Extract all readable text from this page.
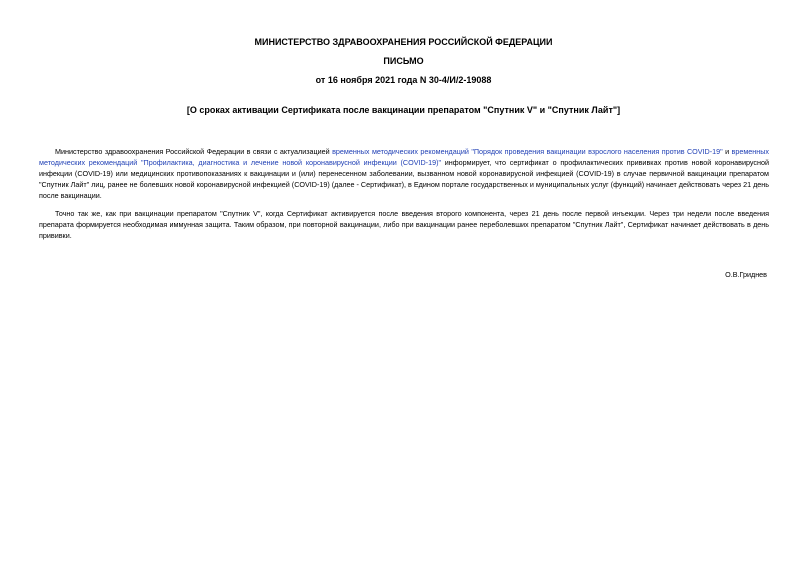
МИНИСТЕРСТВО ЗДРАВООХРАНЕНИЯ РОССИЙСКОЙ ФЕДЕРАЦИИ
ПИСЬМО
от 16 ноября 2021 года N 30-4/И/2-19088
[О сроках активации Сертификата после вакцинации препаратом "Спутник V" и "Спутник Лайт"]

Министерство здравоохранения Российской Федерации в связи с актуализацией временных методических рекомендаций "Порядок проведения вакцинации взрослого населения против COVID-19" и временных методических рекомендаций "Профилактика, диагностика и лечение новой коронавирусной инфекции (COVID-19)" информирует, что сертификат о профилактических прививках против новой коронавирусной инфекции (COVID-19) или медицинских противопоказаниях к вакцинации и (или) перенесенном заболевании, вызванном новой коронавирусной инфекцией (COVID-19) в случае первичной вакцинации препаратом "Спутник Лайт" лиц, ранее не болевших новой коронавирусной инфекцией (COVID-19) (далее - Сертификат), в Едином портале государственных и муниципальных услуг (функций) начинает действовать через 21 день после вакцинации.

Точно так же, как при вакцинации препаратом "Спутник V", когда Сертификат активируется после введения второго компонента, через 21 день после первой инъекции. Через три недели после введения препарата формируется необходимая иммунная защита. Таким образом, при повторной вакцинации, либо при вакцинации ранее переболевших препаратом "Спутник Лайт", Сертификат начинает действовать в день прививки.

О.В.Гриднев
